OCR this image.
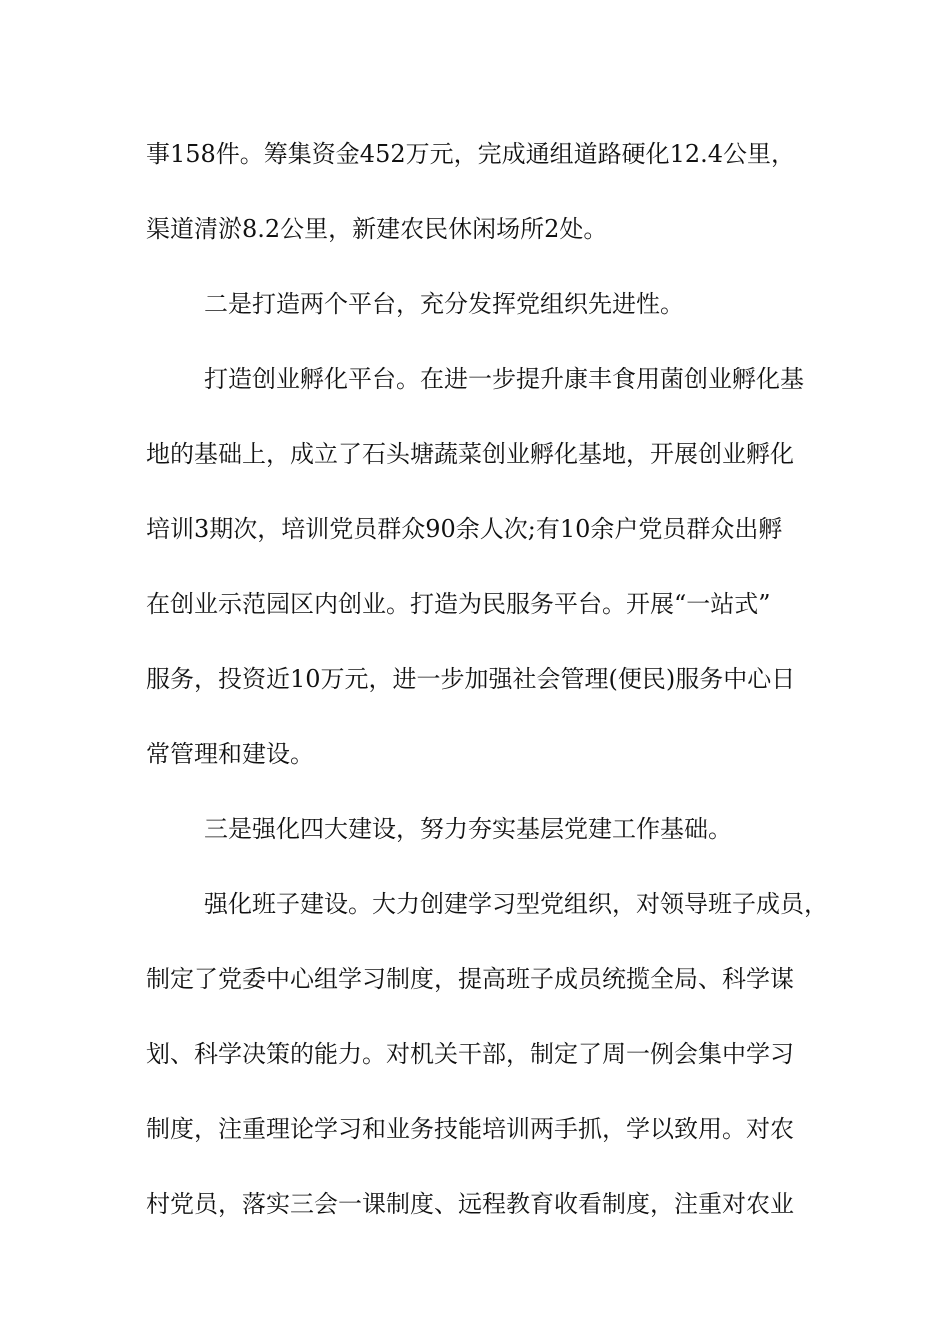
事158件。筹集资金452万元，完成通组道路硬化12.4公里，

渠道清淤8.2公里，新建农民休闲场所2处。

二是打造两个平台，充分发挥党组织先进性。

打造创业孵化平台。在进一步提升康丰食用菌创业孵化基

地的基础上，成立了石头塘蔬菜创业孵化基地，开展创业孵化

培训3期次，培训党员群众90余人次;有10余户党员群众出孵

在创业示范园区内创业。打造为民服务平台。开展“一站式”

服务，投资近10万元，进一步加强社会管理(便民)服务中心日

常管理和建设。

三是强化四大建设，努力夯实基层党建工作基础。

强化班子建设。大力创建学习型党组织，对领导班子成员，

制定了党委中心组学习制度，提高班子成员统揽全局、科学谋

划、科学决策的能力。对机关干部，制定了周一例会集中学习

制度，注重理论学习和业务技能培训两手抓，学以致用。对农

村党员，落实三会一课制度、远程教育收看制度，注重对农业
